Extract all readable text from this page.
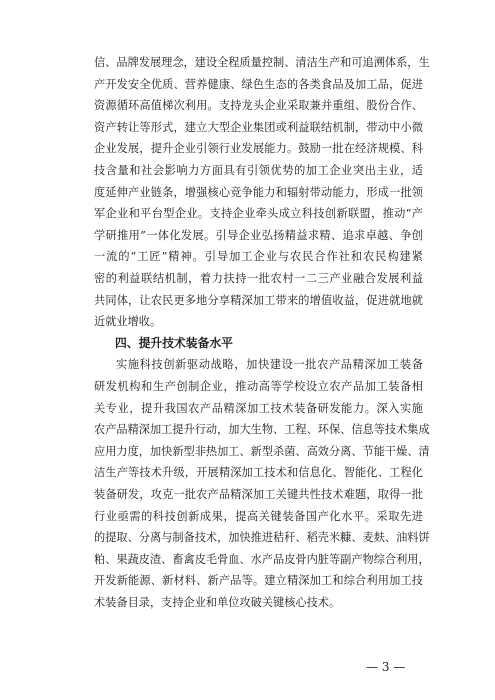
信、品牌发展理念，建设全程质量控制、清洁生产和可追溯体系，生
产开发安全优质、营养健康、绿色生态的各类食品及加工品，促进
资源循环高值梯次利用。支持龙头企业采取兼并重组、股份合作、
资产转让等形式，建立大型企业集团或利益联结机制，带动中小微
企业发展，提升企业引领行业发展能力。鼓励一批在经济规模、科
技含量和社会影响力方面具有引领优势的加工企业突出主业，适
度延伸产业链条，增强核心竞争能力和辐射带动能力，形成一批领
军企业和平台型企业。支持企业牵头成立科技创新联盟，推动“产
学研推用”一体化发展。引导企业弘扬精益求精、追求卓越、争创
一流的“工匠”精神。引导加工企业与农民合作社和农民构建紧
密的利益联结机制，着力扶持一批农村一二三产业融合发展利益
共同体，让农民更多地分享精深加工带来的增值收益，促进就地就
近就业增收。
四、提升技术装备水平
实施科技创新驱动战略，加快建设一批农产品精深加工装备
研发机构和生产创制企业，推动高等学校设立农产品加工装备相
关专业，提升我国农产品精深加工技术装备研发能力。深入实施
农产品精深加工提升行动，加大生物、工程、环保、信息等技术集成
应用力度，加快新型非热加工、新型杀菌、高效分离、节能干燥、清
洁生产等技术升级，开展精深加工技术和信息化、智能化、工程化
装备研发，攻克一批农产品精深加工关键共性技术难题，取得一批
行业亟需的科技创新成果，提高关键装备国产化水平。采取先进
的提取、分离与制备技术，加快推进秸秆、稻壳米糠、麦麸、油料饼
粕、果蔬皮渣、畜禽皮毛骨血、水产品皮骨内脏等副产物综合利用，
开发新能源、新材料、新产品等。建立精深加工和综合利用加工技
术装备目录，支持企业和单位攻破关键核心技术。
— 3 —
